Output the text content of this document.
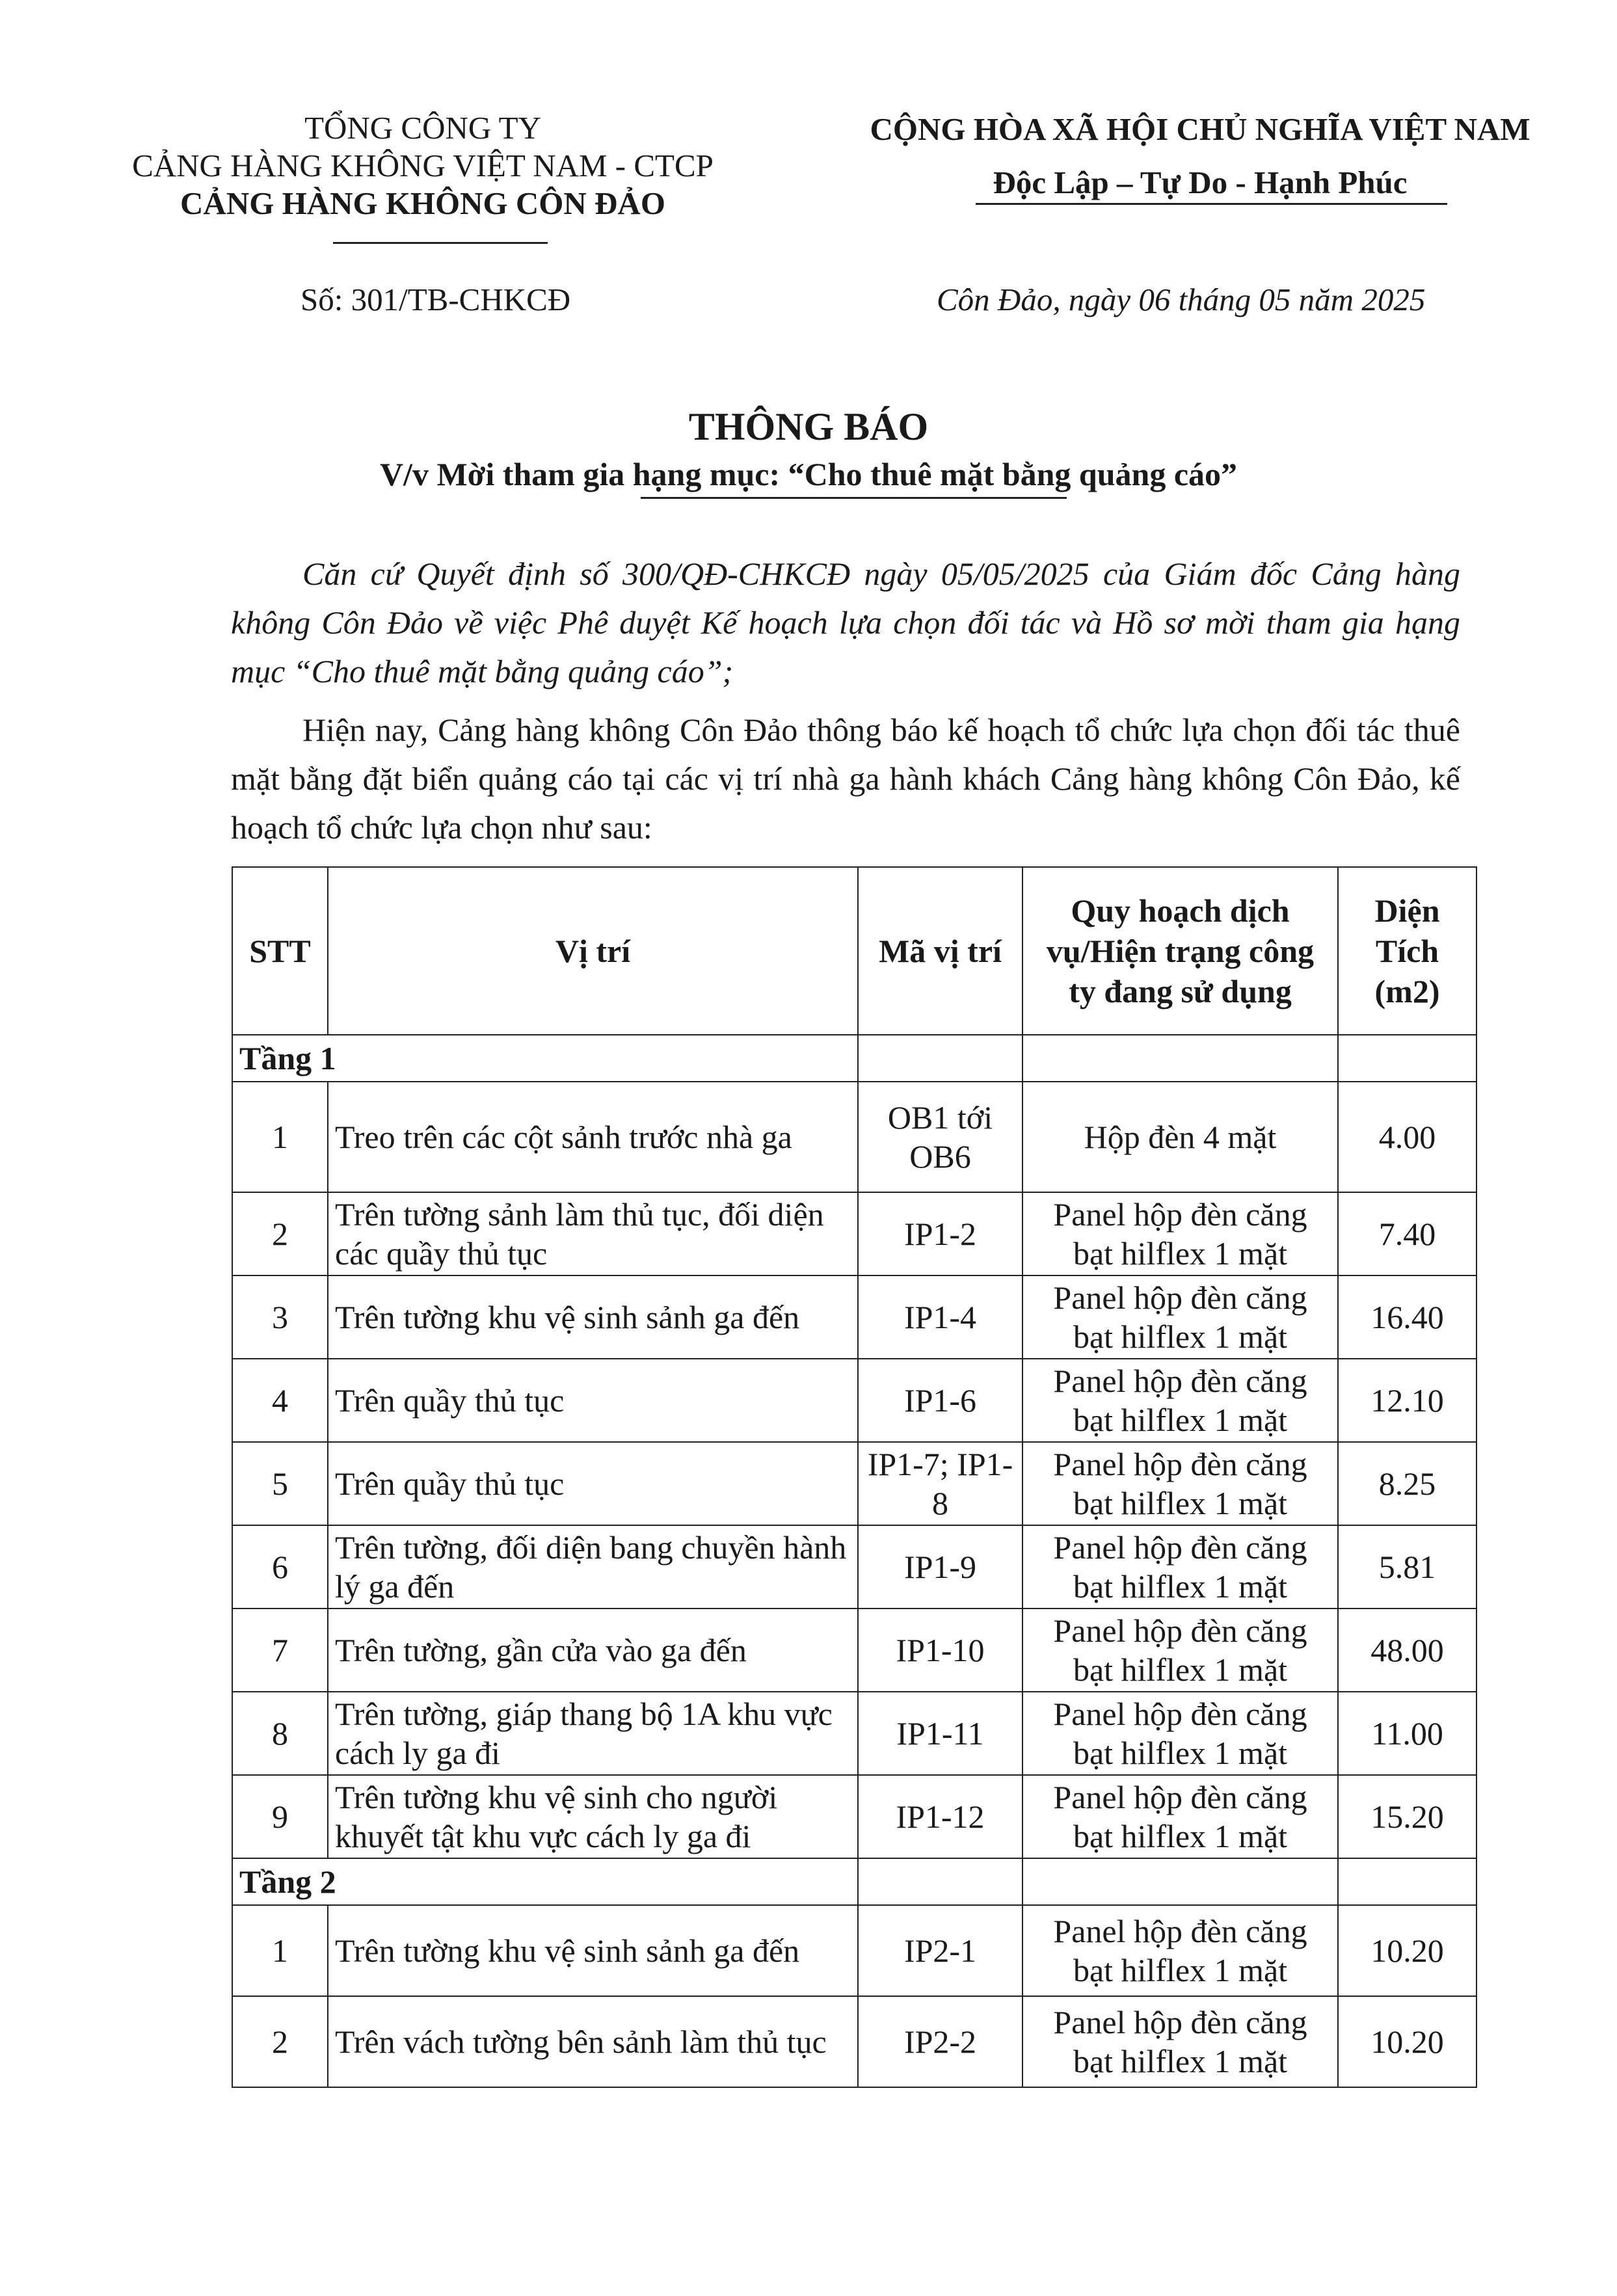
TỔNG CÔNG TY
CẢNG HÀNG KHÔNG VIỆT NAM - CTCP
CẢNG HÀNG KHÔNG CÔN ĐẢO
CỘNG HÒA XÃ HỘI CHỦ NGHĨA VIỆT NAM
Độc Lập – Tự Do - Hạnh Phúc
Số: 301/TB-CHKCĐ	Côn Đảo, ngày 06 tháng 05 năm 2025
THÔNG BÁO
V/v Mời tham gia hạng mục: “Cho thuê mặt bằng quảng cáo”

Căn cứ Quyết định số 300/QĐ-CHKCĐ ngày 05/05/2025 của Giám đốc Cảng hàng không Côn Đảo về việc Phê duyệt Kế hoạch lựa chọn đối tác và Hồ sơ mời tham gia hạng mục “Cho thuê mặt bằng quảng cáo”;

Hiện nay, Cảng hàng không Côn Đảo thông báo kế hoạch tổ chức lựa chọn đối tác thuê mặt bằng đặt biển quảng cáo tại các vị trí nhà ga hành khách Cảng hàng không Côn Đảo, kế hoạch tổ chức lựa chọn như sau:

STT	Vị trí	Mã vị trí	Quy hoạch dịch vụ/Hiện trạng công ty đang sử dụng	Diện Tích (m2)
Tầng 1				
1	Treo trên các cột sảnh trước nhà ga	OB1 tới OB6	Hộp đèn 4 mặt	4.00
2	Trên tường sảnh làm thủ tục, đối diện các quầy thủ tục	IP1-2	Panel hộp đèn căng bạt hilflex 1 mặt	7.40
3	Trên tường khu vệ sinh sảnh ga đến	IP1-4	Panel hộp đèn căng bạt hilflex 1 mặt	16.40
4	Trên quầy thủ tục	IP1-6	Panel hộp đèn căng bạt hilflex 1 mặt	12.10
5	Trên quầy thủ tục	IP1-7; IP1-8	Panel hộp đèn căng bạt hilflex 1 mặt	8.25
6	Trên tường, đối diện bang chuyền hành lý ga đến	IP1-9	Panel hộp đèn căng bạt hilflex 1 mặt	5.81
7	Trên tường, gần cửa vào ga đến	IP1-10	Panel hộp đèn căng bạt hilflex 1 mặt	48.00
8	Trên tường, giáp thang bộ 1A khu vực cách ly ga đi	IP1-11	Panel hộp đèn căng bạt hilflex 1 mặt	11.00
9	Trên tường khu vệ sinh cho người khuyết tật khu vực cách ly ga đi	IP1-12	Panel hộp đèn căng bạt hilflex 1 mặt	15.20
Tầng 2				
1	Trên tường khu vệ sinh sảnh ga đến	IP2-1	Panel hộp đèn căng bạt hilflex 1 mặt	10.20
2	Trên vách tường bên sảnh làm thủ tục	IP2-2	Panel hộp đèn căng bạt hilflex 1 mặt	10.20
